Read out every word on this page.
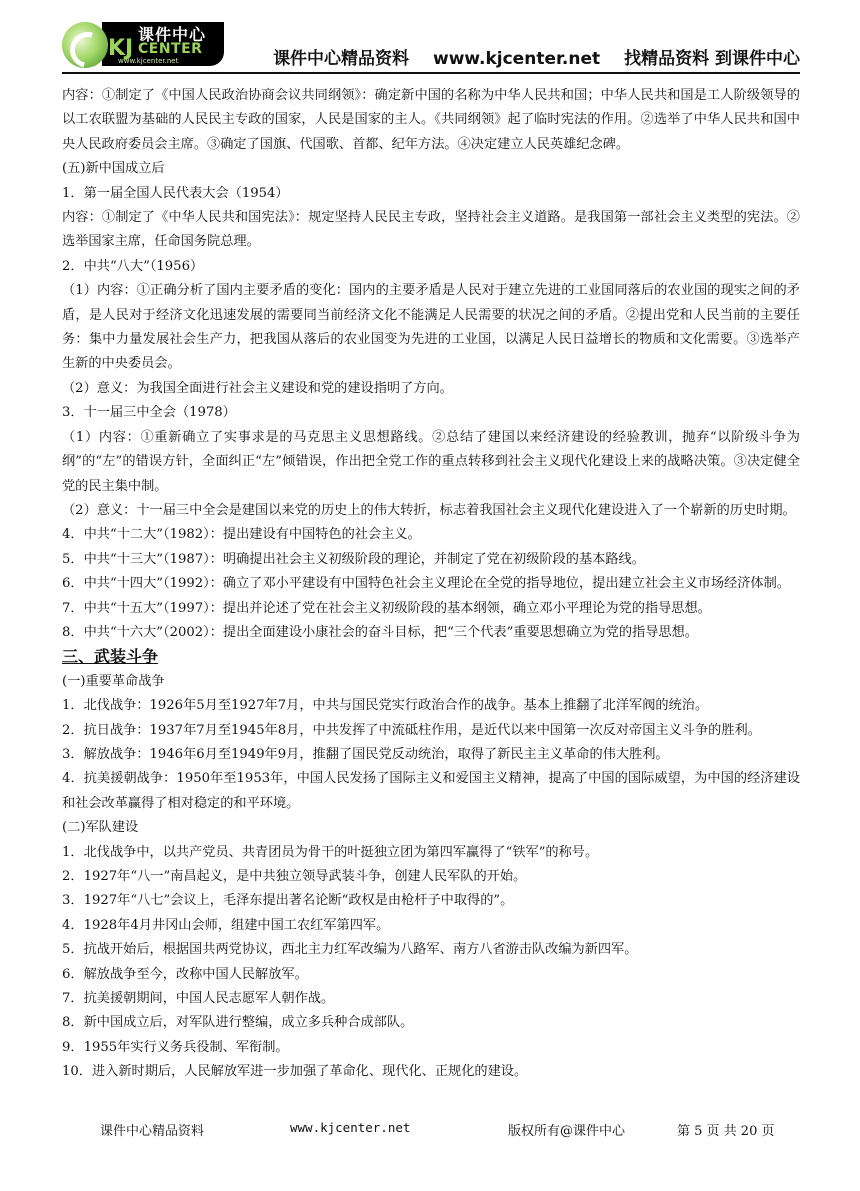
课件中心
KJ CENTER
www.kjcenter.net	课件中心精品资料 www.kjcenter.net 找精品资料 到课件中心

内容：①制定了《中国人民政治协商会议共同纲领》：确定新中国的名称为中华人民共和国；中华人民共和国是工人阶级领导的以工农联盟为基础的人民民主专政的国家，人民是国家的主人。《共同纲领》起了临时宪法的作用。②选举了中华人民共和国中央人民政府委员会主席。③确定了国旗、代国歌、首都、纪年方法。④决定建立人民英雄纪念碑。

(五)新中国成立后

1．第一届全国人民代表大会（1954）

内容：①制定了《中华人民共和国宪法》：规定坚持人民民主专政，坚持社会主义道路。是我国第一部社会主义类型的宪法。②选举国家主席，任命国务院总理。

2．中共“八大”（1956）

（1）内容：①正确分析了国内主要矛盾的变化：国内的主要矛盾是人民对于建立先进的工业国同落后的农业国的现实之间的矛盾，是人民对于经济文化迅速发展的需要同当前经济文化不能满足人民需要的状况之间的矛盾。②提出党和人民当前的主要任务：集中力量发展社会生产力，把我国从落后的农业国变为先进的工业国，以满足人民日益增长的物质和文化需要。③选举产生新的中央委员会。

（2）意义：为我国全面进行社会主义建设和党的建设指明了方向。

3．十一届三中全会（1978）

（1）内容：①重新确立了实事求是的马克思主义思想路线。②总结了建国以来经济建设的经验教训，抛弃“以阶级斗争为纲”的“左”的错误方针，全面纠正“左”倾错误，作出把全党工作的重点转移到社会主义现代化建设上来的战略决策。③决定健全党的民主集中制。

（2）意义：十一届三中全会是建国以来党的历史上的伟大转折，标志着我国社会主义现代化建设进入了一个崭新的历史时期。

4．中共“十二大”（1982）：提出建设有中国特色的社会主义。

5．中共“十三大”（1987）：明确提出社会主义初级阶段的理论，并制定了党在初级阶段的基本路线。

6．中共“十四大”（1992）：确立了邓小平建设有中国特色社会主义理论在全党的指导地位，提出建立社会主义市场经济体制。

7．中共“十五大”（1997）：提出并论述了党在社会主义初级阶段的基本纲领，确立邓小平理论为党的指导思想。

8．中共“十六大”（2002）：提出全面建设小康社会的奋斗目标，把“三个代表”重要思想确立为党的指导思想。

三、武装斗争

(一)重要革命战争

1．北伐战争：1926年5月至1927年7月，中共与国民党实行政治合作的战争。基本上推翻了北洋军阀的统治。

2．抗日战争：1937年7月至1945年8月，中共发挥了中流砥柱作用，是近代以来中国第一次反对帝国主义斗争的胜利。

3．解放战争：1946年6月至1949年9月，推翻了国民党反动统治，取得了新民主主义革命的伟大胜利。

4．抗美援朝战争：1950年至1953年，中国人民发扬了国际主义和爱国主义精神，提高了中国的国际威望，为中国的经济建设和社会改革赢得了相对稳定的和平环境。

(二)军队建设

1．北伐战争中，以共产党员、共青团员为骨干的叶挺独立团为第四军赢得了“铁军”的称号。

2．1927年“八一”南昌起义，是中共独立领导武装斗争，创建人民军队的开始。

3．1927年“八七”会议上，毛泽东提出著名论断“政权是由枪杆子中取得的”。

4．1928年4月井冈山会师，组建中国工农红军第四军。

5．抗战开始后，根据国共两党协议，西北主力红军改编为八路军、南方八省游击队改编为新四军。

6．解放战争至今，改称中国人民解放军。

7．抗美援朝期间，中国人民志愿军人朝作战。

8．新中国成立后，对军队进行整编，成立多兵种合成部队。

9．1955年实行义务兵役制、军衔制。

10．进入新时期后，人民解放军进一步加强了革命化、现代化、正规化的建设。

课件中心精品资料	www.kjcenter.net	版权所有@课件中心	第 5 页 共 20 页
